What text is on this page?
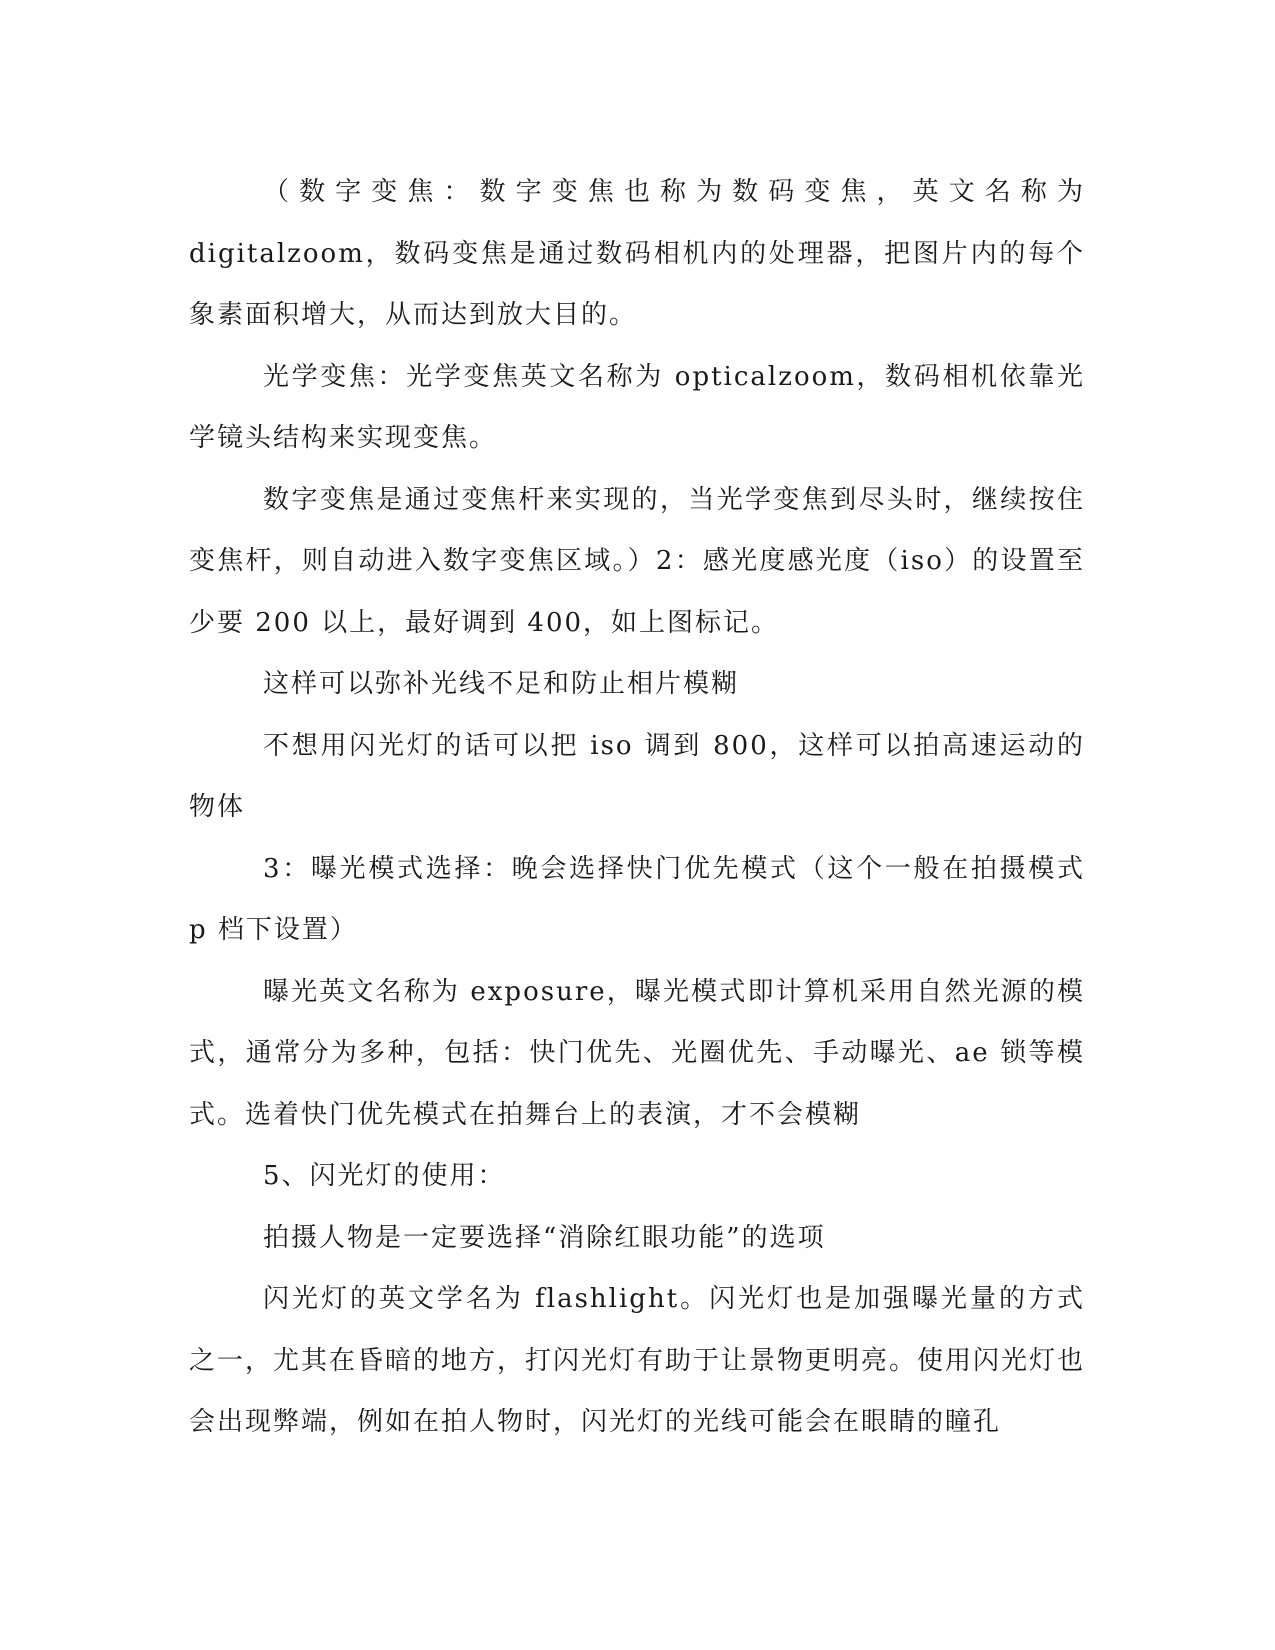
（数字变焦：数字变焦也称为数码变焦，英文名称为 digitalzoom，数码变焦是通过数码相机内的处理器，把图片内的每个象素面积增大，从而达到放大目的。

光学变焦：光学变焦英文名称为 opticalzoom，数码相机依靠光学镜头结构来实现变焦。

数字变焦是通过变焦杆来实现的，当光学变焦到尽头时，继续按住变焦杆，则自动进入数字变焦区域。）2：感光度感光度（iso）的设置至少要 200 以上，最好调到 400，如上图标记。

这样可以弥补光线不足和防止相片模糊

不想用闪光灯的话可以把 iso 调到 800，这样可以拍高速运动的物体

3：曝光模式选择：晚会选择快门优先模式（这个一般在拍摄模式 p 档下设置）

曝光英文名称为 exposure，曝光模式即计算机采用自然光源的模式，通常分为多种，包括：快门优先、光圈优先、手动曝光、ae 锁等模式。选着快门优先模式在拍舞台上的表演，才不会模糊

5、闪光灯的使用：

拍摄人物是一定要选择“消除红眼功能”的选项

闪光灯的英文学名为 flashlight。闪光灯也是加强曝光量的方式之一，尤其在昏暗的地方，打闪光灯有助于让景物更明亮。使用闪光灯也会出现弊端，例如在拍人物时，闪光灯的光线可能会在眼睛的瞳孔
